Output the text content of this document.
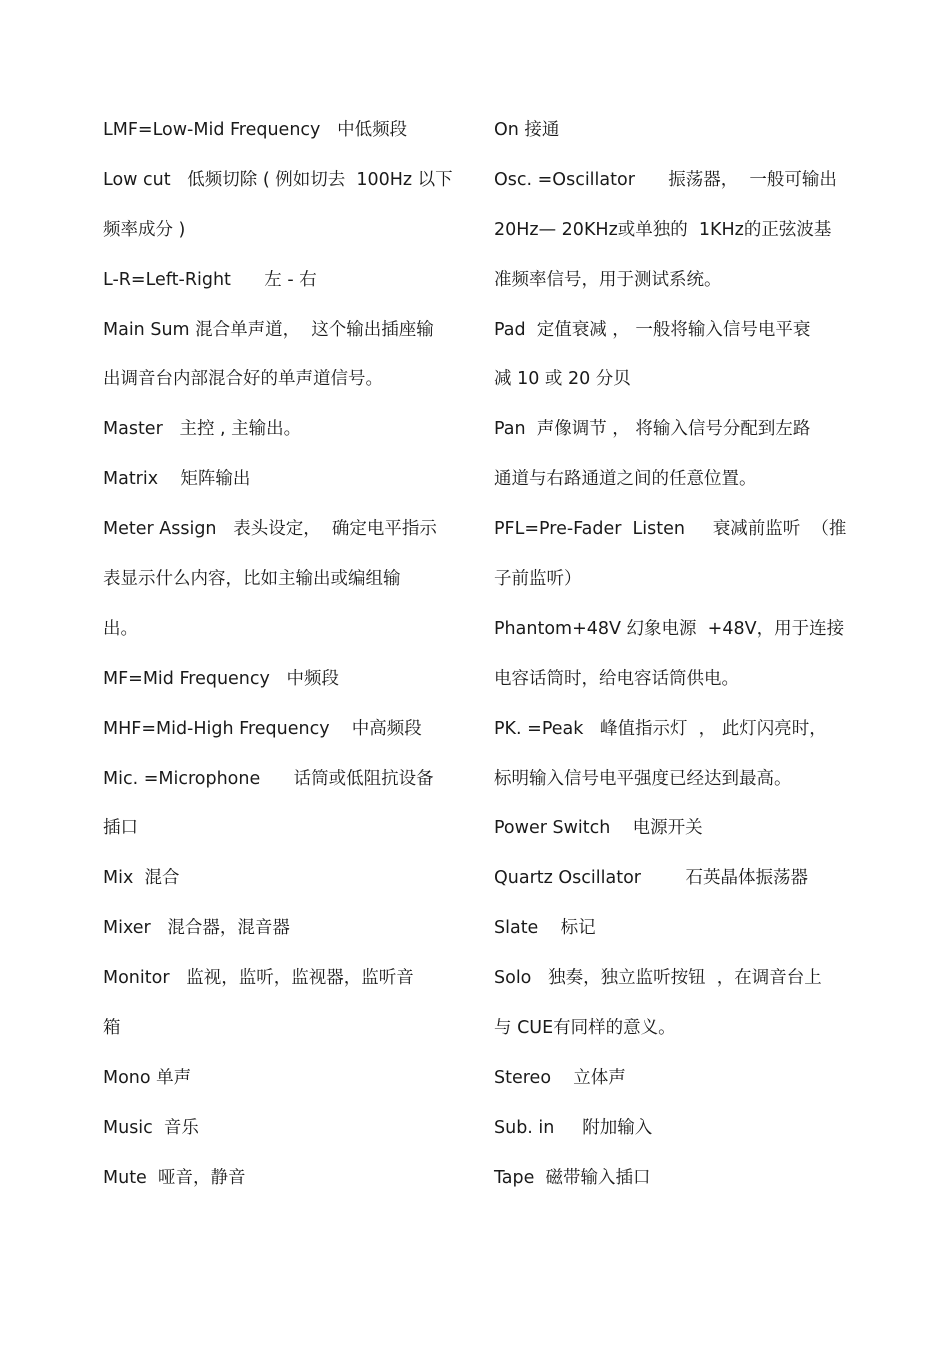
LMF=Low-Mid Frequency   中低频段
Low cut   低频切除 ( 例如切去  100Hz 以下
频率成分 )
L-R=Left-Right      左 - 右
Main Sum 混合单声道，  这个输出插座输
出调音台内部混合好的单声道信号。
Master   主控 , 主输出。
Matrix    矩阵输出
Meter Assign   表头设定，  确定电平指示
表显示什么内容，比如主输出或编组输
出。
MF=Mid Frequency   中频段
MHF=Mid-High Frequency    中高频段
Mic. =Microphone      话筒或低阻抗设备
插口
Mix  混合
Mixer   混合器，混音器
Monitor   监视，监听，监视器，监听音
箱
Mono 单声
Music  音乐
Mute  哑音，静音
On 接通
Osc. =Oscillator      振荡器，  一般可输出
20Hz— 20KHz或单独的  1KHz的正弦波基
准频率信号，用于测试系统。
Pad  定值衰减 ， 一般将输入信号电平衰
减 10 或 20 分贝
Pan  声像调节 ， 将输入信号分配到左路
通道与右路通道之间的任意位置。
PFL=Pre-Fader  Listen     衰减前监听  （推
子前监听）
Phantom+48V 幻象电源  +48V，用于连接
电容话筒时，给电容话筒供电。
PK. =Peak   峰值指示灯  ， 此灯闪亮时，
标明输入信号电平强度已经达到最高。
Power Switch    电源开关
Quartz Oscillator        石英晶体振荡器
Slate    标记
Solo   独奏，独立监听按钮  ，在调音台上
与 CUE有同样的意义。
Stereo    立体声
Sub. in     附加输入
Tape  磁带输入插口
